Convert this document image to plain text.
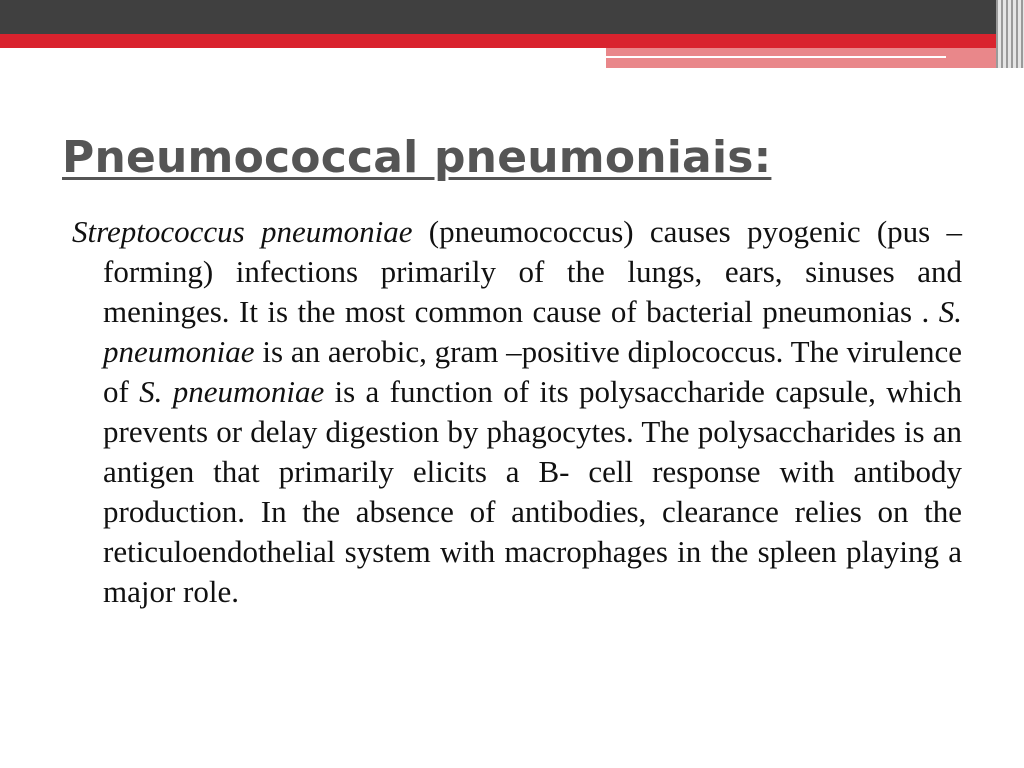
Pneumococcal pneumoniais:

Streptococcus pneumoniae (pneumococcus) causes pyogenic (pus –forming) infections primarily of the lungs, ears, sinuses and meninges. It is the most common cause of bacterial pneumonias . S. pneumoniae is an aerobic, gram –positive diplococcus. The virulence of S. pneumoniae is a function of its polysaccharide capsule, which prevents or delay digestion by phagocytes. The polysaccharides is an antigen that primarily elicits a B- cell response with antibody production. In the absence of antibodies, clearance relies on the reticuloendothelial system with macrophages in the spleen playing a major role.
